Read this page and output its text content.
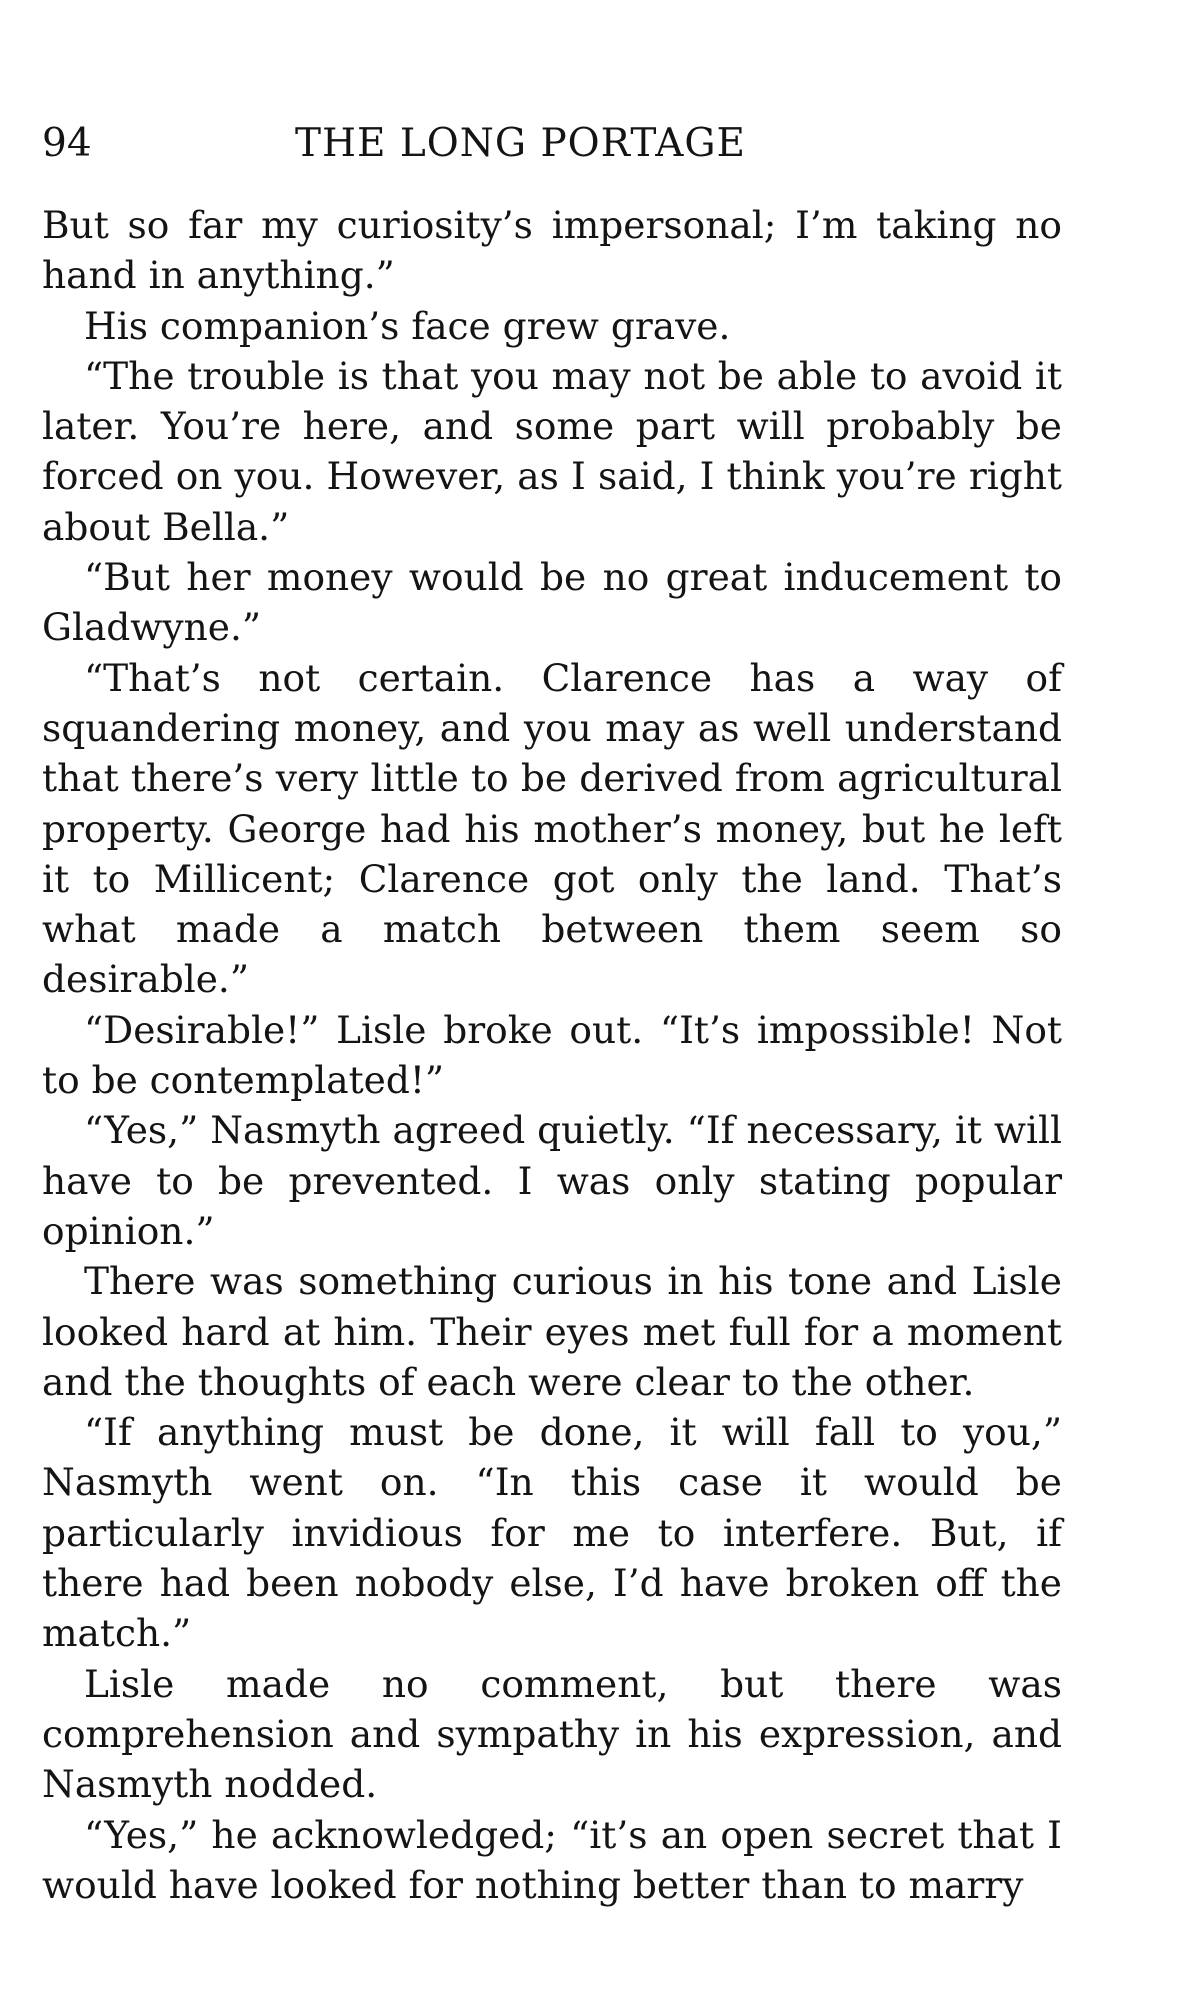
94	THE LONG PORTAGE

But so far my curiosity’s impersonal; I’m taking no hand in anything.”

His companion’s face grew grave.

“The trouble is that you may not be able to avoid it later. You’re here, and some part will probably be forced on you. However, as I said, I think you’re right about Bella.”

“But her money would be no great inducement to Gladwyne.”

“That’s not certain. Clarence has a way of squandering money, and you may as well understand that there’s very little to be derived from agricultural property. George had his mother’s money, but he left it to Millicent; Clarence got only the land. That’s what made a match between them seem so desirable.”

“Desirable!” Lisle broke out. “It’s impossible! Not to be contemplated!”

“Yes,” Nasmyth agreed quietly. “If necessary, it will have to be prevented. I was only stating popular opinion.”

There was something curious in his tone and Lisle looked hard at him. Their eyes met full for a moment and the thoughts of each were clear to the other.

“If anything must be done, it will fall to you,” Nasmyth went on. “In this case it would be particularly invidious for me to interfere. But, if there had been nobody else, I’d have broken off the match.”

Lisle made no comment, but there was comprehension and sympathy in his expression, and Nasmyth nodded.

“Yes,” he acknowledged; “it’s an open secret that I would have looked for nothing better than to marry
